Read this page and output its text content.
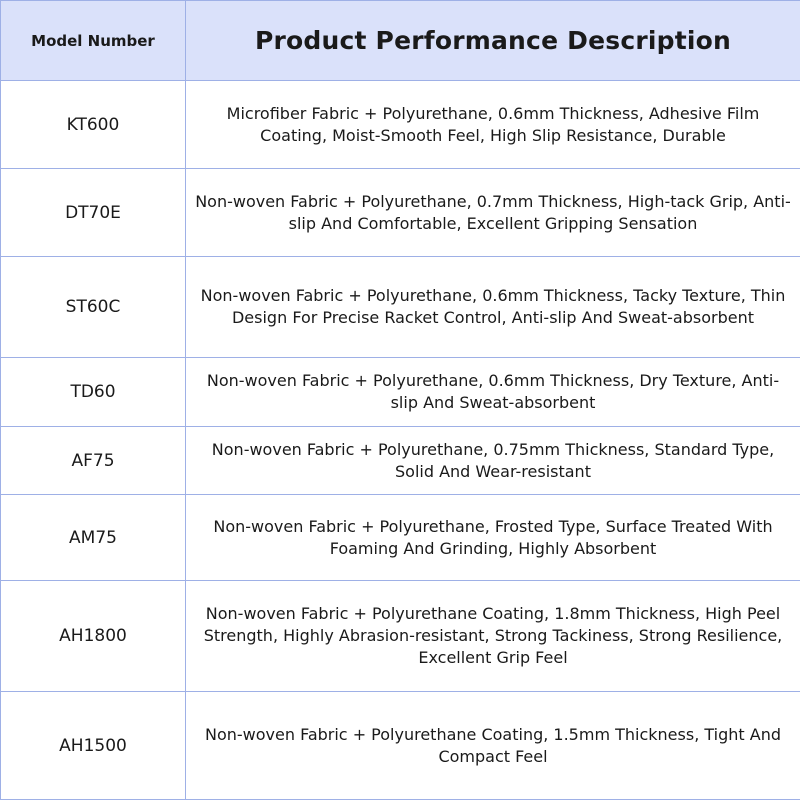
Model Number	Product Performance Description
KT600	Microfiber Fabric + Polyurethane, 0.6mm Thickness, Adhesive Film Coating, Moist-Smooth Feel, High Slip Resistance, Durable
DT70E	Non-woven Fabric + Polyurethane, 0.7mm Thickness, High-tack Grip, Anti-slip And Comfortable, Excellent Gripping Sensation
ST60C	Non-woven Fabric + Polyurethane, 0.6mm Thickness, Tacky Texture, Thin Design For Precise Racket Control, Anti-slip And Sweat-absorbent
TD60	Non-woven Fabric + Polyurethane, 0.6mm Thickness, Dry Texture, Anti-slip And Sweat-absorbent
AF75	Non-woven Fabric + Polyurethane, 0.75mm Thickness, Standard Type, Solid And Wear-resistant
AM75	Non-woven Fabric + Polyurethane, Frosted Type, Surface Treated With Foaming And Grinding, Highly Absorbent
AH1800	Non-woven Fabric + Polyurethane Coating, 1.8mm Thickness, High Peel Strength, Highly Abrasion-resistant, Strong Tackiness, Strong Resilience, Excellent Grip Feel
AH1500	Non-woven Fabric + Polyurethane Coating, 1.5mm Thickness, Tight And Compact Feel
